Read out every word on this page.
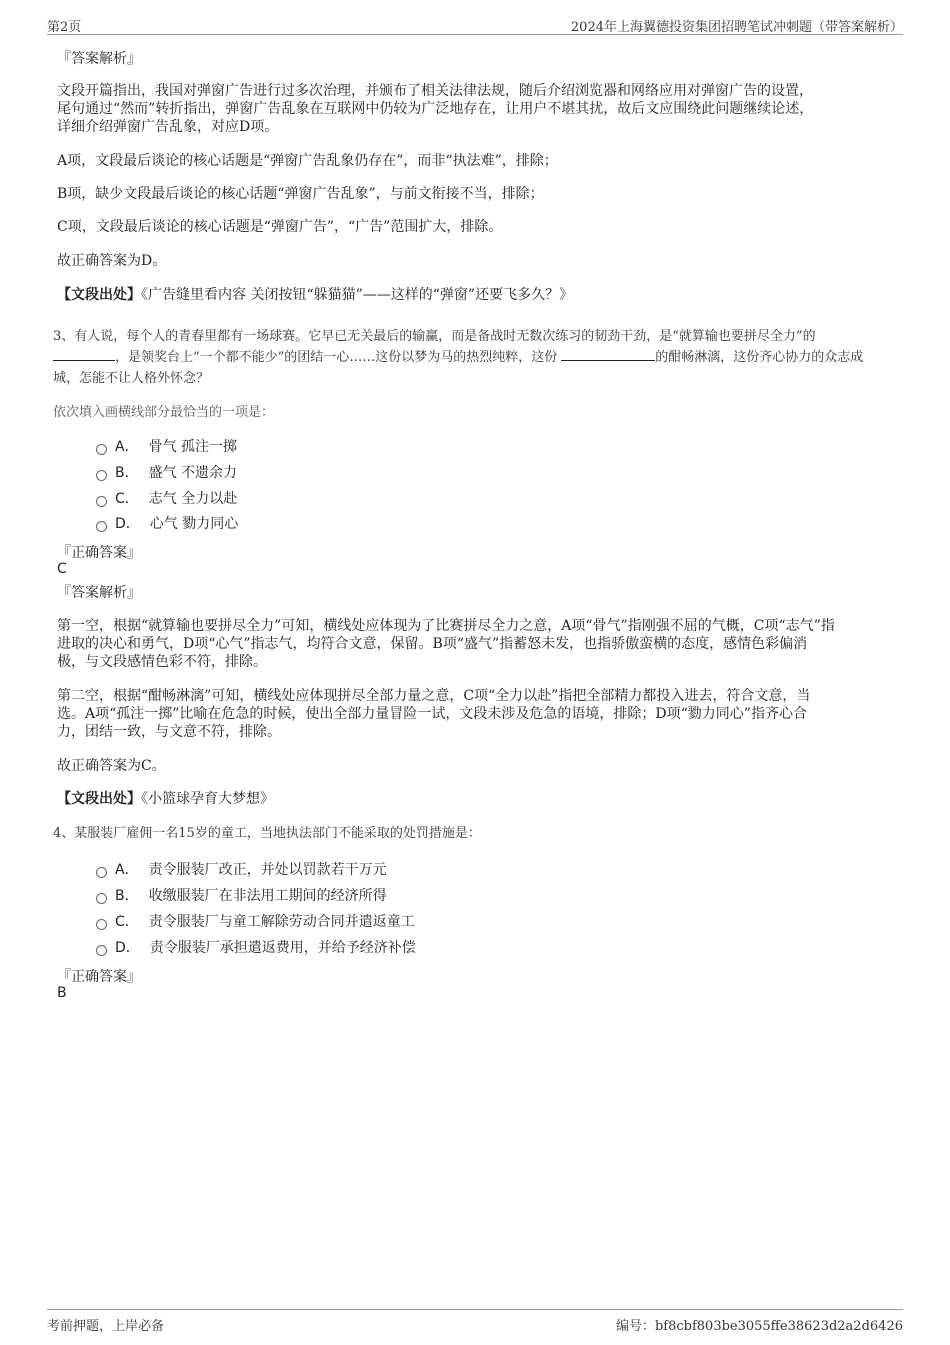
第2页	2024年上海翼德投资集团招聘笔试冲刺题（带答案解析）
『答案解析』
文段开篇指出，我国对弹窗广告进行过多次治理，并颁布了相关法律法规，随后介绍浏览器和网络应用对弹窗广告的设置，
尾句通过“然而”转折指出，弹窗广告乱象在互联网中仍较为广泛地存在，让用户不堪其扰，故后文应围绕此问题继续论述，
详细介绍弹窗广告乱象，对应D项。
A项，文段最后谈论的核心话题是“弹窗广告乱象仍存在”，而非“执法难”，排除；
B项，缺少文段最后谈论的核心话题“弹窗广告乱象”，与前文衔接不当，排除；
C项，文段最后谈论的核心话题是“弹窗广告”，“广告”范围扩大，排除。
故正确答案为D。
【文段出处】《广告缝里看内容 关闭按钮“躲猫猫”——这样的“弹窗”还要飞多久？》
3、有人说，每个人的青春里都有一场球赛。它早已无关最后的输赢，而是备战时无数次练习的韧劲干劲，是“就算输也要拼尽全力”的
，是领奖台上“一个都不能少”的团结一心……这份以梦为马的热烈纯粹，这份	的酣畅淋漓，这份齐心协力的众志成
城，怎能不让人格外怀念？
依次填入画横线部分最恰当的一项是：
A． 骨气 孤注一掷
B． 盛气 不遗余力
C． 志气 全力以赴
D． 心气 勠力同心
『正确答案』
C
『答案解析』
第一空，根据“就算输也要拼尽全力”可知，横线处应体现为了比赛拼尽全力之意，A项“骨气”指刚强不屈的气概，C项“志气”指
进取的决心和勇气，D项“心气”指志气，均符合文意，保留。B项“盛气”指蓄怒未发，也指骄傲蛮横的态度，感情色彩偏消
极，与文段感情色彩不符，排除。
第二空，根据“酣畅淋漓”可知，横线处应体现拼尽全部力量之意，C项“全力以赴”指把全部精力都投入进去，符合文意，当
选。A项“孤注一掷”比喻在危急的时候，使出全部力量冒险一试，文段未涉及危急的语境，排除；D项“勠力同心”指齐心合
力，团结一致，与文意不符，排除。
故正确答案为C。
【文段出处】《小篮球孕育大梦想》
4、某服装厂雇佣一名15岁的童工，当地执法部门不能采取的处罚措施是：
A． 责令服装厂改正，并处以罚款若干万元
B． 收缴服装厂在非法用工期间的经济所得
C． 责令服装厂与童工解除劳动合同并遣返童工
D． 责令服装厂承担遣返费用，并给予经济补偿
『正确答案』
B
考前押题，上岸必备	编号：bf8cbf803be3055ffe38623d2a2d6426
